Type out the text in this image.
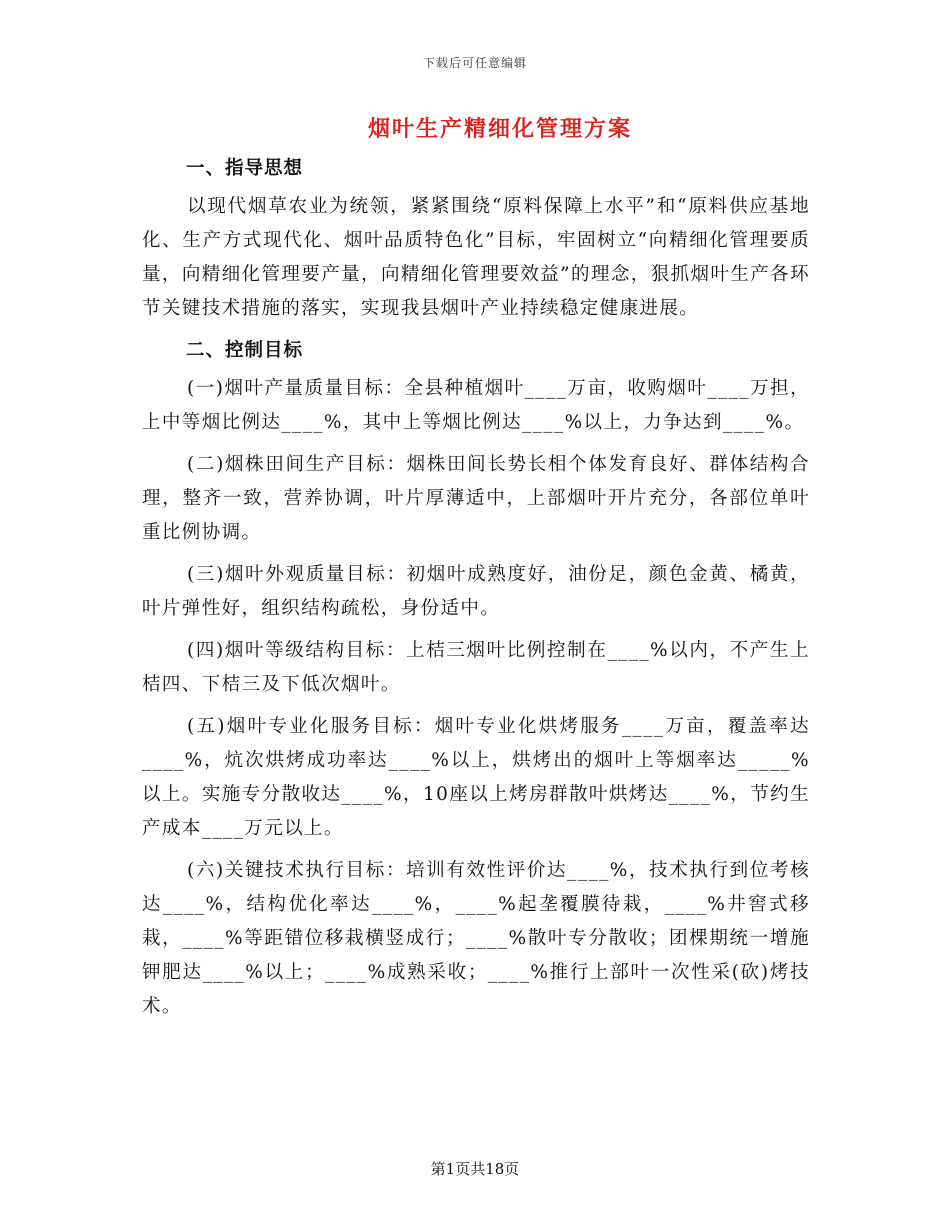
下载后可任意编辑
烟叶生产精细化管理方案
一、指导思想

以现代烟草农业为统领，紧紧围绕“原料保障上水平”和“原料供应基地化、生产方式现代化、烟叶品质特色化”目标，牢固树立“向精细化管理要质量，向精细化管理要产量，向精细化管理要效益”的理念，狠抓烟叶生产各环节关键技术措施的落实，实现我县烟叶产业持续稳定健康进展。

二、控制目标

(一)烟叶产量质量目标：全县种植烟叶____万亩，收购烟叶____万担，上中等烟比例达____%，其中上等烟比例达____%以上，力争达到____%。

(二)烟株田间生产目标：烟株田间长势长相个体发育良好、群体结构合理，整齐一致，营养协调，叶片厚薄适中，上部烟叶开片充分，各部位单叶重比例协调。

(三)烟叶外观质量目标：初烟叶成熟度好，油份足，颜色金黄、橘黄，叶片弹性好，组织结构疏松，身份适中。

(四)烟叶等级结构目标：上桔三烟叶比例控制在____%以内，不产生上桔四、下桔三及下低次烟叶。

(五)烟叶专业化服务目标：烟叶专业化烘烤服务____万亩，覆盖率达____%，炕次烘烤成功率达____%以上，烘烤出的烟叶上等烟率达_____%以上。实施专分散收达____%，10座以上烤房群散叶烘烤达____%，节约生产成本____万元以上。

(六)关键技术执行目标：培训有效性评价达____%，技术执行到位考核达____%，结构优化率达____%，____%起垄覆膜待栽，____%井窖式移栽，____%等距错位移栽横竖成行；____%散叶专分散收；团棵期统一增施钾肥达____%以上；____%成熟采收；____%推行上部叶一次性采(砍)烤技术。

第1页共18页
